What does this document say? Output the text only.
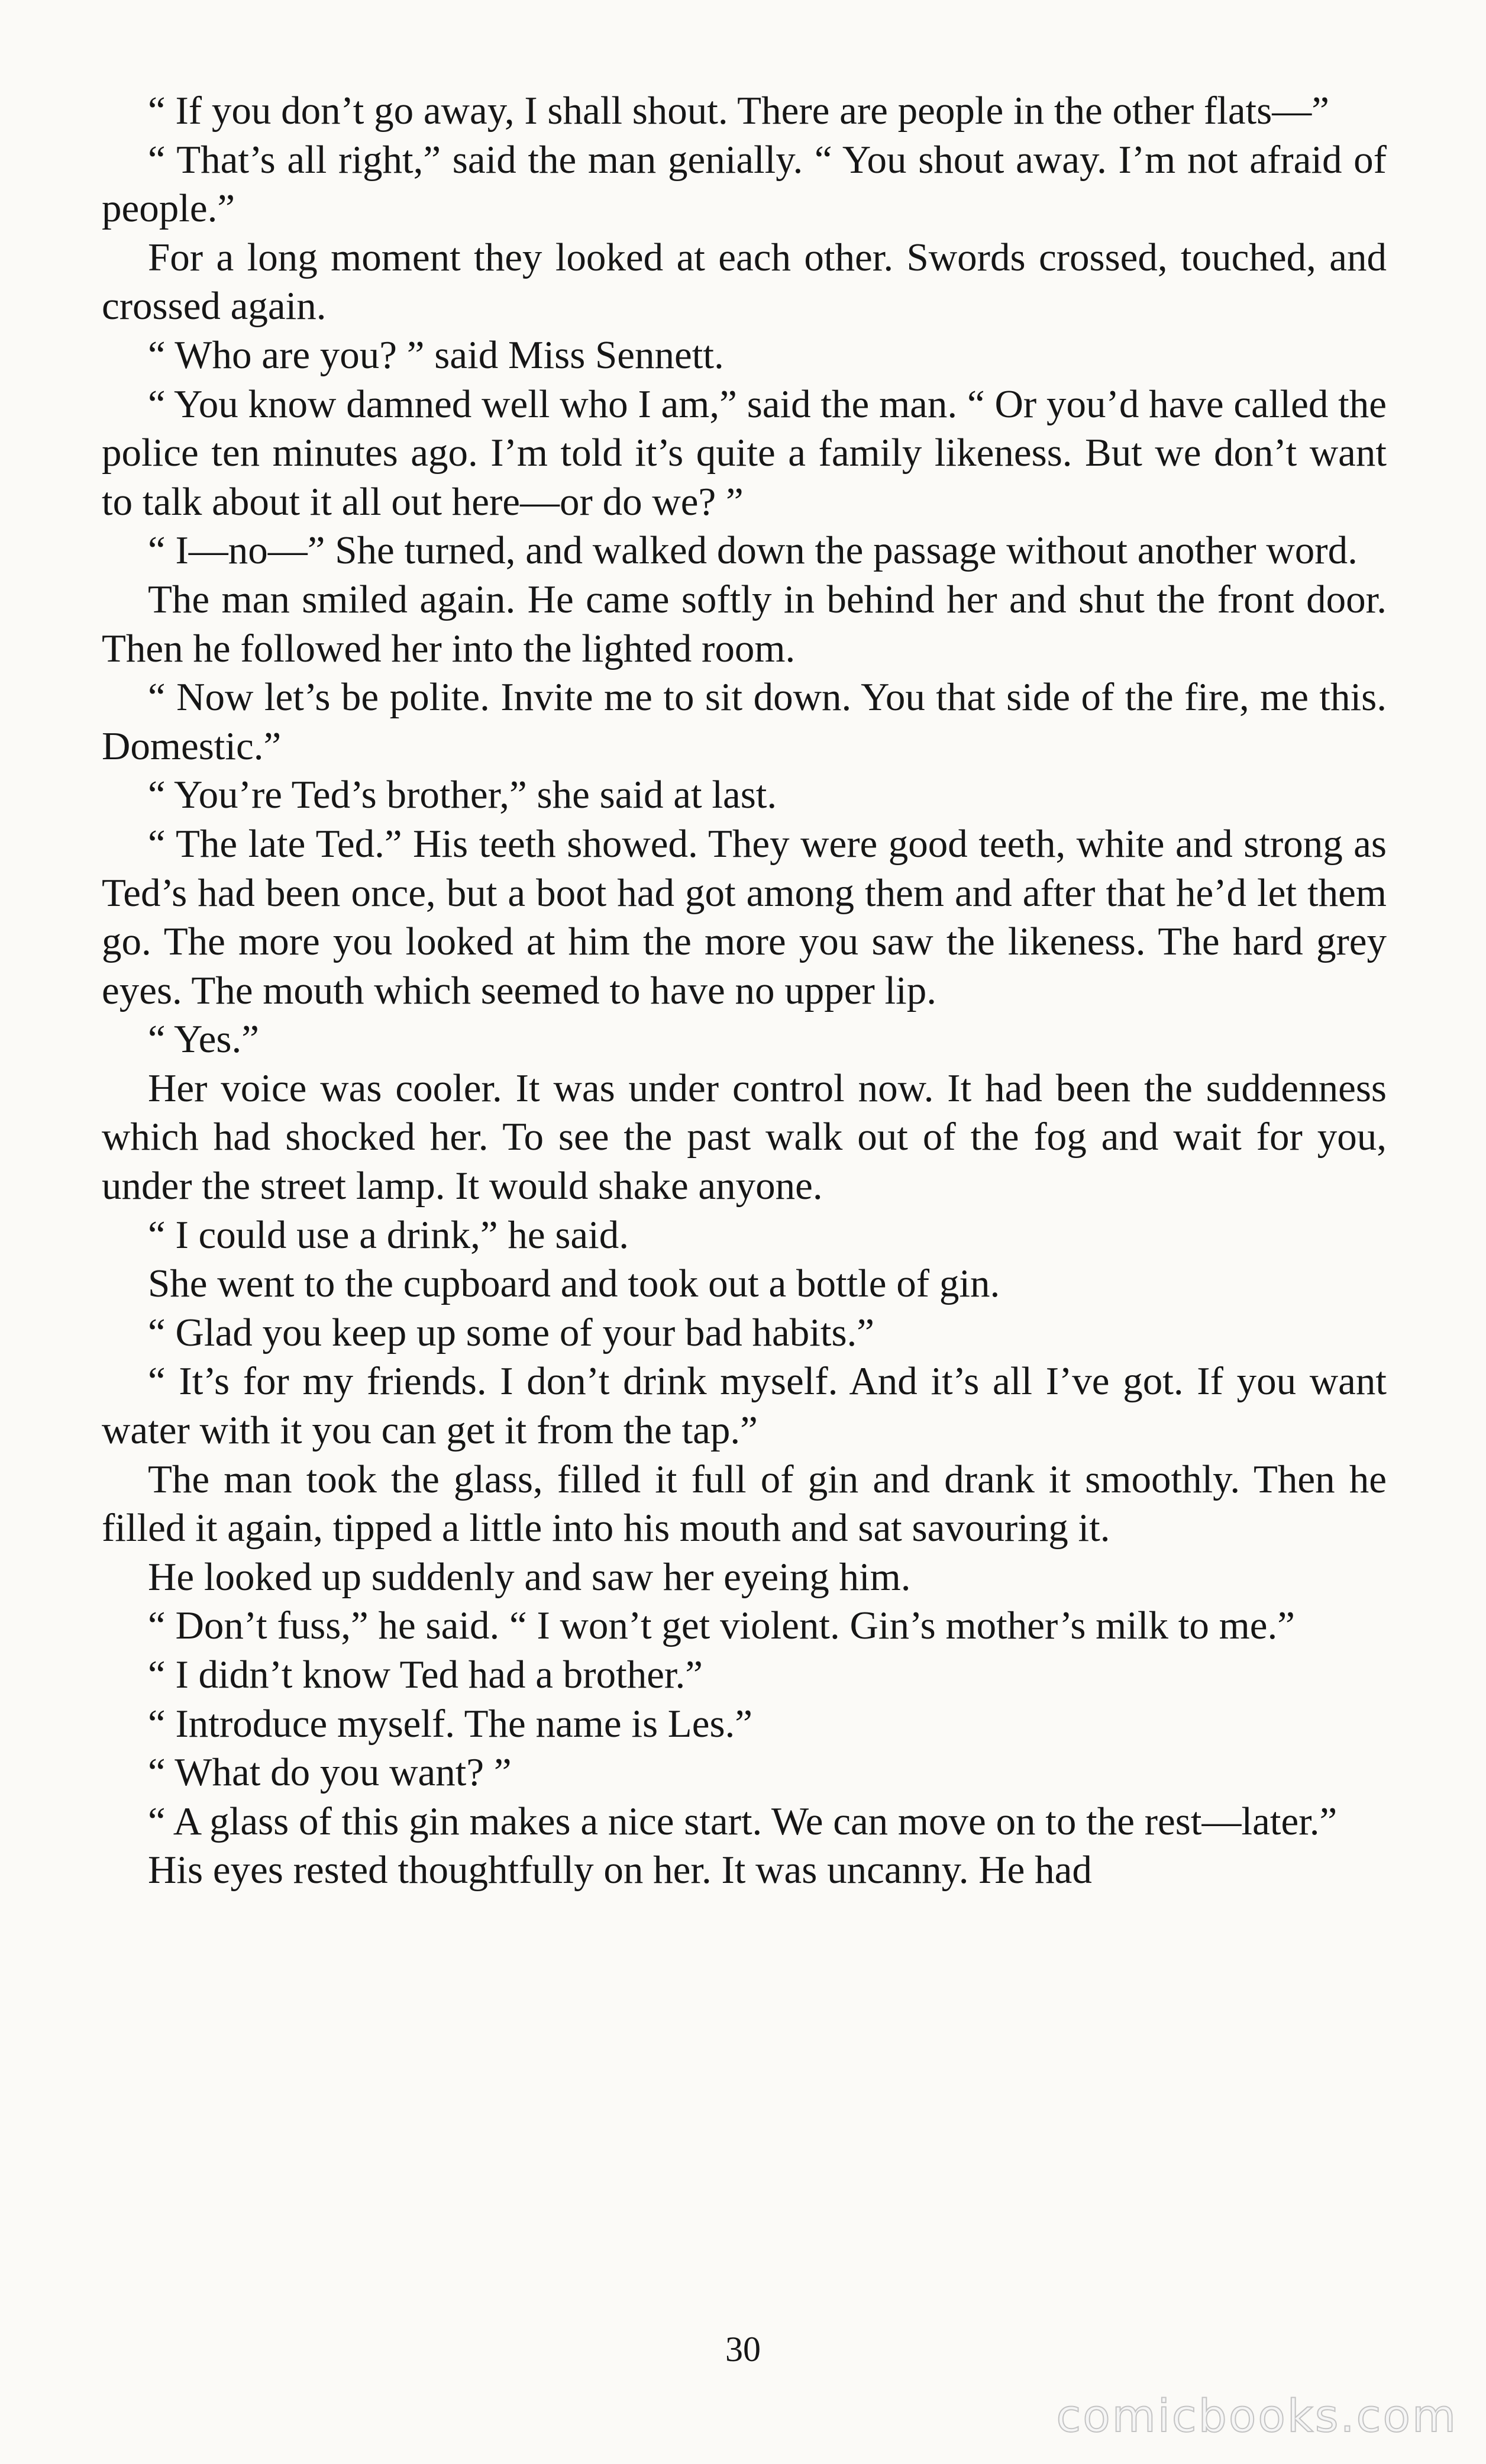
“ If you don’t go away, I shall shout. There are people in the other flats—”

“ That’s all right,” said the man genially. “ You shout away. I’m not afraid of people.”

For a long moment they looked at each other. Swords crossed, touched, and crossed again.

“ Who are you? ” said Miss Sennett.

“ You know damned well who I am,” said the man. “ Or you’d have called the police ten minutes ago. I’m told it’s quite a family likeness. But we don’t want to talk about it all out here—or do we? ”

“ I—no—” She turned, and walked down the passage without another word.

The man smiled again. He came softly in behind her and shut the front door. Then he followed her into the lighted room.

“ Now let’s be polite. Invite me to sit down. You that side of the fire, me this. Domestic.”

“ You’re Ted’s brother,” she said at last.

“ The late Ted.” His teeth showed. They were good teeth, white and strong as Ted’s had been once, but a boot had got among them and after that he’d let them go. The more you looked at him the more you saw the likeness. The hard grey eyes. The mouth which seemed to have no upper lip.

“ Yes.”

Her voice was cooler. It was under control now. It had been the suddenness which had shocked her. To see the past walk out of the fog and wait for you, under the street lamp. It would shake anyone.

“ I could use a drink,” he said.

She went to the cupboard and took out a bottle of gin.

“ Glad you keep up some of your bad habits.”

“ It’s for my friends. I don’t drink myself. And it’s all I’ve got. If you want water with it you can get it from the tap.”

The man took the glass, filled it full of gin and drank it smoothly. Then he filled it again, tipped a little into his mouth and sat savouring it.

He looked up suddenly and saw her eyeing him.

“ Don’t fuss,” he said. “ I won’t get violent. Gin’s mother’s milk to me.”

“ I didn’t know Ted had a brother.”

“ Introduce myself. The name is Les.”

“ What do you want? ”

“ A glass of this gin makes a nice start. We can move on to the rest—later.”

His eyes rested thoughtfully on her. It was uncanny. He had

30
comicbooks.com
